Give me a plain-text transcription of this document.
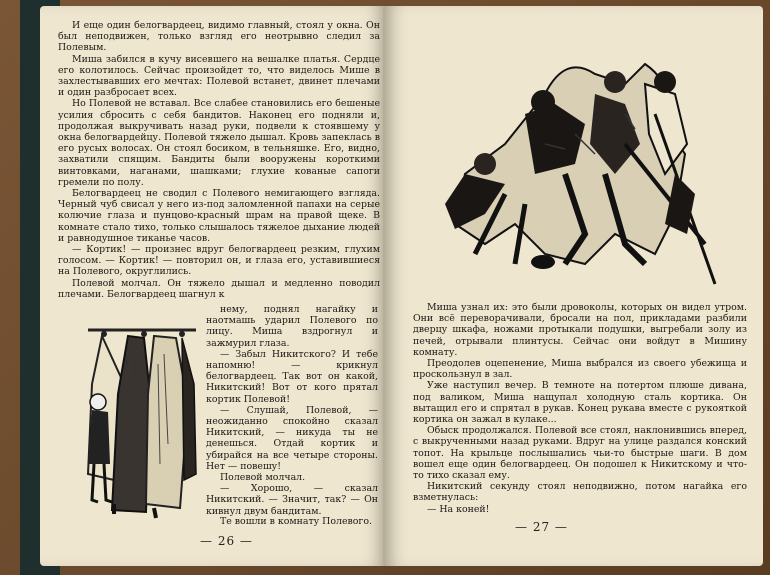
И еще один белогвардеец, видимо главный, стоял у окна. Он был неподвижен, только взгляд его неотрывно следил за Полевым.

Миша забился в кучу висевшего на вешалке платья. Сердце его колотилось. Сейчас произойдет то, что виделось Мише в захлестывавших его мечтах: Полевой встанет, двинет плечами и один разбросает всех.

Но Полевой не вставал. Все слабее становились его бешеные усилия сбросить с себя бандитов. Наконец его подняли и, продолжая выкручивать назад руки, подвели к стоявшему у окна белогвардейцу. Полевой тяжело дышал. Кровь запеклась в его русых волосах. Он стоял босиком, в тельняшке. Его, видно, захватили спящим. Бандиты были вооружены короткими винтовками, наганами, шашками; глухие кованые сапоги гремели по полу.

Белогвардеец не сводил с Полевого немигающего взгляда. Черный чуб свисал у него из-под заломленной папахи на серые колючие глаза и пунцово-красный шрам на правой щеке. В комнате стало тихо, только слышалось тяжелое дыхание людей и равнодушное тиканье часов.

— Кортик! — произнес вдруг белогвардеец резким, глухим голосом. — Кортик! — повторил он, и глаза его, уставившиеся на Полевого, округлились.

Полевой молчал. Он тяжело дышал и медленно поводил плечами. Белогвардеец шагнул к

нему, поднял нагайку и наотмашь ударил Полевого по лицу. Миша вздрогнул и зажмурил глаза.

— Забыл Никитского? И тебе напомню! — крикнул белогвардеец. Так вот он какой, Никитский! Вот от кого прятал кортик Полевой!

— Слушай, Полевой, — неожиданно спокойно сказал Никитский, — никуда ты не денешься. Отдай кортик и убирайся на все четыре стороны. Нет — повешу!

Полевой молчал.

— Хорошо, — сказал Никитский. — Значит, так? — Он кивнул двум бандитам.

Те вошли в комнату Полевого.

— 26 —

Миша узнал их: это были дровоколы, которых он видел утром. Они всё переворачивали, бросали на пол, прикладами разбили дверцу шкафа, ножами протыкали подушки, выгребали золу из печей, отрывали плинтусы. Сейчас они войдут в Мишину комнату.

Преодолев оцепенение, Миша выбрался из своего убежища и проскользнул в зал.

Уже наступил вечер. В темноте на потертом плюше дивана, под валиком, Миша нащупал холодную сталь кортика. Он вытащил его и спрятал в рукав. Конец рукава вместе с рукояткой кортика он зажал в кулаке...

Обыск продолжался. Полевой все стоял, наклонившись вперед, с выкрученными назад руками. Вдруг на улице раздался конский топот. На крыльце послышались чьи-то быстрые шаги. В дом вошел еще один белогвардеец. Он подошел к Никитскому и что-то тихо сказал ему.

Никитский секунду стоял неподвижно, потом нагайка его взметнулась:

— На коней!

— 27 —
